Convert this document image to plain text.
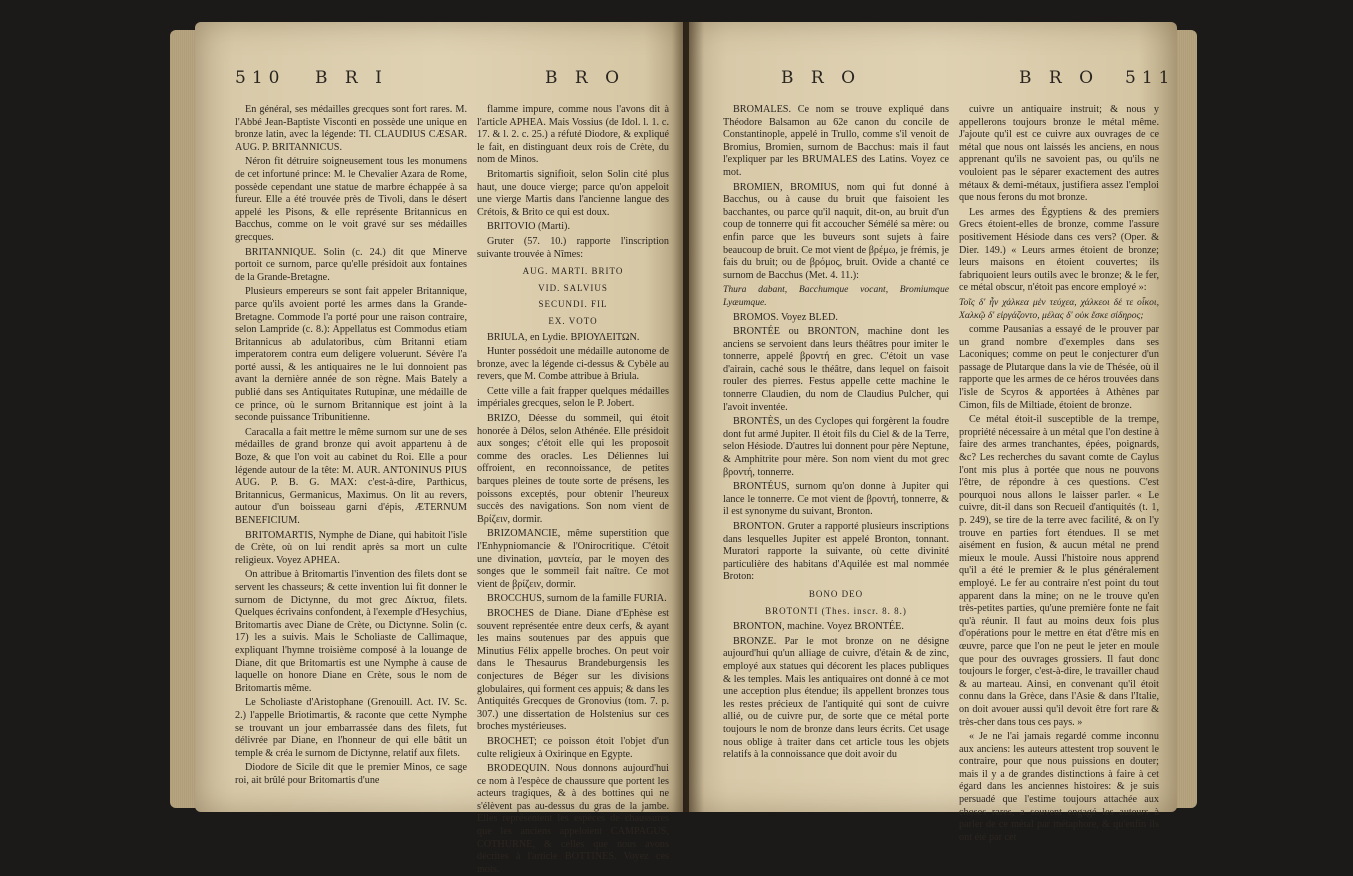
510 B R I	B R O

En général, ses médailles grecques sont fort rares. M. l'Abbé Jean-Baptiste Visconti en possède une unique en bronze latin, avec la légende: TI. CLAUDIUS CÆSAR. AUG. P. BRITANNICUS.

Néron fit détruire soigneusement tous les monumens de cet infortuné prince: M. le Chevalier Azara de Rome, possède cependant une statue de marbre échappée à sa fureur. Elle a été trouvée près de Tivoli, dans le désert appelé les Pisons, & elle représente Britannicus en Bacchus, comme on le voit gravé sur ses médailles grecques.

BRITANNIQUE. Solin (c. 24.) dit que Minerve portoit ce surnom, parce qu'elle présidoit aux fontaines de la Grande-Bretagne.

Plusieurs empereurs se sont fait appeler Britannique, parce qu'ils avoient porté les armes dans la Grande-Bretagne. Commode l'a porté pour une raison contraire, selon Lampride (c. 8.): Appellatus est Commodus etiam Britannicus ab adulatoribus, cùm Britanni etiam imperatorem contra eum deligere voluerunt. Sévère l'a porté aussi, & les antiquaires ne le lui donnoient pas avant la dernière année de son règne. Mais Bately a publié dans ses Antiquitates Rutupinæ, une médaille de ce prince, où le surnom Britannique est joint à la seconde puissance Tribunitienne.

Caracalla a fait mettre le même surnom sur une de ses médailles de grand bronze qui avoit appartenu à de Boze, & que l'on voit au cabinet du Roi. Elle a pour légende autour de la tête: M. AUR. ANTONINUS PIUS AUG. P. B. G. MAX: c'est-à-dire, Parthicus, Britannicus, Germanicus, Maximus. On lit au revers, autour d'un boisseau garni d'épis, ÆTERNUM BENEFICIUM.

BRITOMARTIS, Nymphe de Diane, qui habitoit l'isle de Crète, où on lui rendit après sa mort un culte religieux. Voyez APHEA.

On attribue à Britomartis l'invention des filets dont se servent les chasseurs; & cette invention lui fit donner le surnom de Dictynne, du mot grec Δίκτυα, filets. Quelques écrivains confondent, à l'exemple d'Hesychius, Britomartis avec Diane de Crète, ou Dictynne. Solin (c. 17) les a suivis. Mais le Scholiaste de Callimaque, expliquant l'hymne troisième composé à la louange de Diane, dit que Britomartis est une Nymphe à cause de laquelle on honore Diane en Crète, sous le nom de Britomartis même.

Le Scholiaste d'Aristophane (Grenouill. Act. IV. Sc. 2.) l'appelle Briotimartis, & raconte que cette Nymphe se trouvant un jour embarrassée dans des filets, fut délivrée par Diane, en l'honneur de qui elle bâtit un temple & créa le surnom de Dictynne, relatif aux filets.

Diodore de Sicile dit que le premier Minos, ce sage roi, ait brûlé pour Britomartis d'une

flamme impure, comme nous l'avons dit à l'article APHEA. Mais Vossius (de Idol. l. 1. c. 17. & l. 2. c. 25.) a réfuté Diodore, & expliqué le fait, en distinguant deux rois de Crète, du nom de Minos.

Britomartis signifioit, selon Solin cité plus haut, une douce vierge; parce qu'on appeloit une vierge Martis dans l'ancienne langue des Crétois, & Brito ce qui est doux.

BRITOVIO (Marti).

Gruter (57. 10.) rapporte l'inscription suivante trouvée à Nîmes:

AUG. MARTI. BRITO

VID. SALVIUS

SECUNDI. FIL

EX. VOTO

BRIULA, en Lydie. ΒΡΙΟΥΛΕΙΤΩΝ.

Hunter possédoit une médaille autonome de bronze, avec la légende ci-dessus & Cybèle au revers, que M. Combe attribue à Briula.

Cette ville a fait frapper quelques médailles impériales grecques, selon le P. Jobert.

BRIZO, Déesse du sommeil, qui étoit honorée à Délos, selon Athénée. Elle présidoit aux songes; c'étoit elle qui les proposoit comme des oracles. Les Déliennes lui offroient, en reconnoissance, de petites barques pleines de toute sorte de présens, les poissons exceptés, pour obtenir l'heureux succès des navigations. Son nom vient de Βρίζειν, dormir.

BRIZOMANCIE, même superstition que l'Enhypniomancie & l'Onirocritique. C'étoit une divination, μαντεία, par le moyen des songes que le sommeil fait naître. Ce mot vient de βρίζειν, dormir.

BROCCHUS, surnom de la famille FURIA.

BROCHES de Diane. Diane d'Ephèse est souvent représentée entre deux cerfs, & ayant les mains soutenues par des appuis que Minutius Félix appelle broches. On peut voir dans le Thesaurus Brandeburgensis les conjectures de Béger sur les divisions globulaires, qui forment ces appuis; & dans les Antiquités Grecques de Gronovius (tom. 7. p. 307.) une dissertation de Holstenius sur ces broches mystérieuses.

BROCHET; ce poisson étoit l'objet d'un culte religieux à Oxirinque en Egypte.

BRODEQUIN. Nous donnons aujourd'hui ce nom à l'espèce de chaussure que portent les acteurs tragiques, & à des bottines qui ne s'élèvent pas au-dessus du gras de la jambe. Elles représentent les espèces de chaussures que les anciens appeloient CAMPAGUS, COTHURNE, & celles que nous avons décrites à l'article BOTTINES. Voyez ces mots.

B R O	B R O 511

BROMALES. Ce nom se trouve expliqué dans Théodore Balsamon au 62e canon du concile de Constantinople, appelé in Trullo, comme s'il venoit de Bromius, Bromien, surnom de Bacchus: mais il faut l'expliquer par les BRUMALES des Latins. Voyez ce mot.

BROMIEN, BROMIUS, nom qui fut donné à Bacchus, ou à cause du bruit que faisoient les bacchantes, ou parce qu'il naquit, dit-on, au bruit d'un coup de tonnerre qui fit accoucher Sémélé sa mère: ou enfin parce que les buveurs sont sujets à faire beaucoup de bruit. Ce mot vient de βρέμω, je frémis, je fais du bruit; ou de βρόμος, bruit. Ovide a chanté ce surnom de Bacchus (Met. 4. 11.):

Thura dabant, Bacchumque vocant, Bromiumque Lyæumque.

BROMOS. Voyez BLED.

BRONTÉE ou BRONTON, machine dont les anciens se servoient dans leurs théâtres pour imiter le tonnerre, appelé βροντή en grec. C'étoit un vase d'airain, caché sous le théâtre, dans lequel on faisoit rouler des pierres. Festus appelle cette machine le tonnerre Claudien, du nom de Claudius Pulcher, qui l'avoit inventée.

BRONTÈS, un des Cyclopes qui forgèrent la foudre dont fut armé Jupiter. Il étoit fils du Ciel & de la Terre, selon Hésiode. D'autres lui donnent pour père Neptune, & Amphitrite pour mère. Son nom vient du mot grec βροντή, tonnerre.

BRONTÉUS, surnom qu'on donne à Jupiter qui lance le tonnerre. Ce mot vient de βροντή, tonnerre, & il est synonyme du suivant, Bronton.

BRONTON. Gruter a rapporté plusieurs inscriptions dans lesquelles Jupiter est appelé Bronton, tonnant. Muratori rapporte la suivante, où cette divinité particulière des habitans d'Aquilée est mal nommée Broton:

BONO DEO

BROTONTI (Thes. inscr. 8. 8.)

BRONTON, machine. Voyez BRONTÉE.

BRONZE. Par le mot bronze on ne désigne aujourd'hui qu'un alliage de cuivre, d'étain & de zinc, employé aux statues qui décorent les places publiques & les temples. Mais les antiquaires ont donné à ce mot une acception plus étendue; ils appellent bronzes tous les restes précieux de l'antiquité qui sont de cuivre allié, ou de cuivre pur, de sorte que ce métal porte toujours le nom de bronze dans leurs écrits. Cet usage nous oblige à traiter dans cet article tous les objets relatifs à la connoissance que doit avoir du

cuivre un antiquaire instruit; & nous y appellerons toujours bronze le métal même. J'ajoute qu'il est ce cuivre aux ouvrages de ce métal que nous ont laissés les anciens, en nous apprenant qu'ils ne savoient pas, ou qu'ils ne vouloient pas le séparer exactement des autres métaux & demi-métaux, justifiera assez l'emploi que nous ferons du mot bronze.

Les armes des Égyptiens & des premiers Grecs étoient-elles de bronze, comme l'assure positivement Hésiode dans ces vers? (Oper. & Dier. 149.) « Leurs armes étoient de bronze; leurs maisons en étoient couvertes; ils fabriquoient leurs outils avec le bronze; & le fer, ce métal obscur, n'étoit pas encore employé »:

Τοῖς δ' ἦν χάλκεα μὲν τεύχεα, χάλκεοι δέ τε οἶκοι, Χαλκῷ δ' εἰργάζοντο, μέλας δ' οὐκ ἔσκε σίδηρος;

comme Pausanias a essayé de le prouver par un grand nombre d'exemples dans ses Laconiques; comme on peut le conjecturer d'un passage de Plutarque dans la vie de Thésée, où il rapporte que les armes de ce héros trouvées dans l'isle de Scyros & apportées à Athènes par Cimon, fils de Miltiade, étoient de bronze.

Ce métal étoit-il susceptible de la trempe, propriété nécessaire à un métal que l'on destine à faire des armes tranchantes, épées, poignards, &c? Les recherches du savant comte de Caylus l'ont mis plus à portée que nous ne pouvons l'être, de répondre à ces questions. C'est pourquoi nous allons le laisser parler. « Le cuivre, dit-il dans son Recueil d'antiquités (t. 1, p. 249), se tire de la terre avec facilité, & on l'y trouve en parties fort étendues. Il se met aisément en fusion, & aucun métal ne prend mieux le moule. Aussi l'histoire nous apprend qu'il a été le premier & le plus généralement employé. Le fer au contraire n'est point du tout apparent dans la mine; on ne le trouve qu'en très-petites parties, qu'une première fonte ne fait qu'à réunir. Il faut au moins deux fois plus d'opérations pour le mettre en état d'être mis en œuvre, parce que l'on ne peut le jeter en moule que pour des ouvrages grossiers. Il faut donc toujours le forger, c'est-à-dire, le travailler chaud & au marteau. Ainsi, en convenant qu'il étoit connu dans la Grèce, dans l'Asie & dans l'Italie, on doit avouer aussi qu'il devoit être fort rare & très-cher dans tous ces pays. »

« Je ne l'ai jamais regardé comme inconnu aux anciens: les auteurs attestent trop souvent le contraire, pour que nous puissions en douter; mais il y a de grandes distinctions à faire à cet égard dans les anciennes histoires: & je suis persuadé que l'estime toujours attachée aux choses rares, a souvent engagé les auteurs à parler de ce métal par métaphore, & qu'enfin ils ont été par cet
